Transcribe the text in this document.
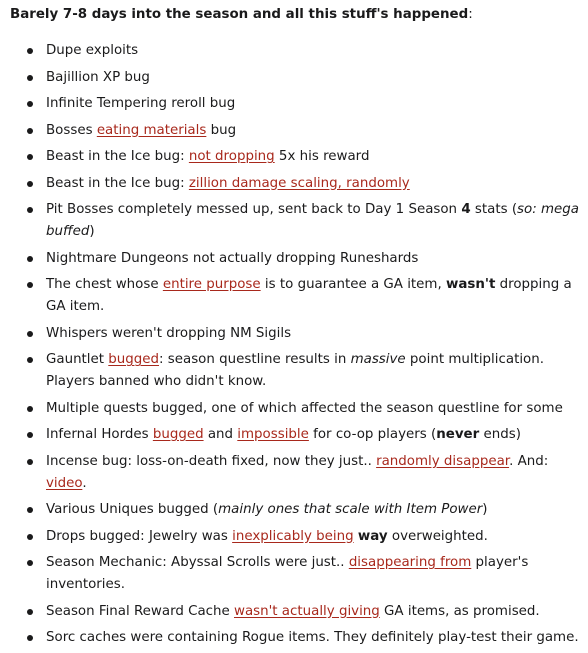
Barely 7-8 days into the season and all this stuff's happened:

Dupe exploits
Bajillion XP bug
Infinite Tempering reroll bug
Bosses eating materials bug
Beast in the Ice bug: not dropping 5x his reward
Beast in the Ice bug: zillion damage scaling, randomly
Pit Bosses completely messed up, sent back to Day 1 Season 4 stats (so: mega buffed)
Nightmare Dungeons not actually dropping Runeshards
The chest whose entire purpose is to guarantee a GA item, wasn't dropping a GA item.
Whispers weren't dropping NM Sigils
Gauntlet bugged: season questline results in massive point multiplication. Players banned who didn't know.
Multiple quests bugged, one of which affected the season questline for some
Infernal Hordes bugged and impossible for co-op players (never ends)
Incense bug: loss-on-death fixed, now they just.. randomly disappear. And: video.
Various Uniques bugged (mainly ones that scale with Item Power)
Drops bugged: Jewelry was inexplicably being way overweighted.
Season Mechanic: Abyssal Scrolls were just.. disappearing from player's inventories.
Season Final Reward Cache wasn't actually giving GA items, as promised.
Sorc caches were containing Rogue items. They definitely play-test their game.
